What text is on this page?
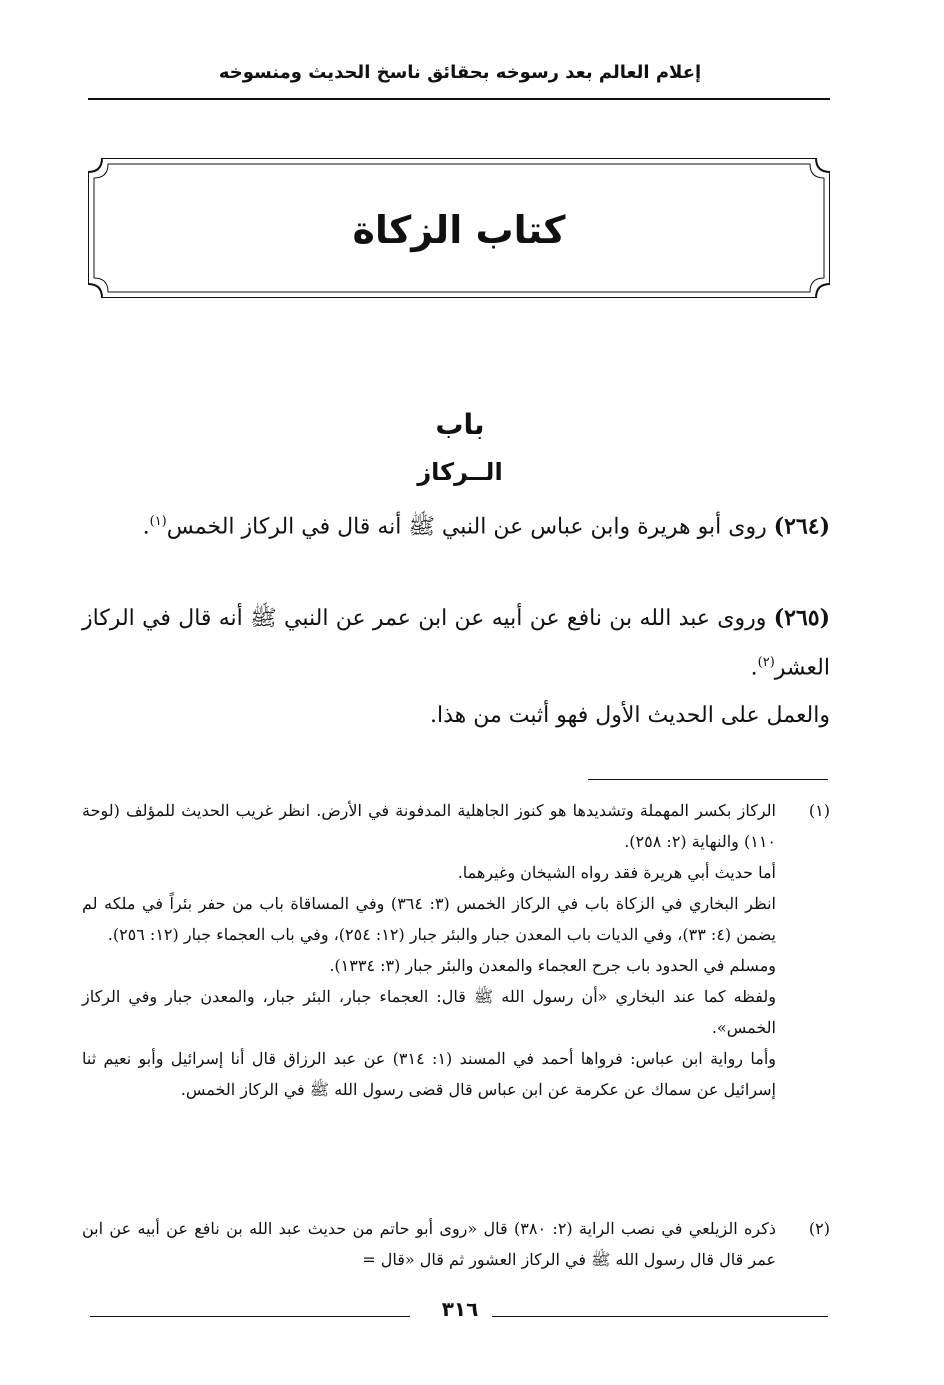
إعلام العالم بعد رسوخه بحقائق ناسخ الحديث ومنسوخه
كتاب الزكاة
باب
الــركاز
(٢٦٤) روى أبو هريرة وابن عباس عن النبي ﷺ أنه قال في الركاز الخمس$^{(١)}$.
(٢٦٥) وروى عبد الله بن نافع عن أبيه عن ابن عمر عن النبي ﷺ أنه قال في الركاز العشر$^{(٢)}$.
والعمل على الحديث الأول فهو أثبت من هذا.
(١)

الركاز بكسر المهملة وتشديدها هو كنوز الجاهلية المدفونة في الأرض. انظر غريب الحديث للمؤلف (لوحة ١١٠) والنهاية (٢: ٢٥٨).

أما حديث أبي هريرة فقد رواه الشيخان وغيرهما.

انظر البخاري في الزكاة باب في الركاز الخمس (٣: ٣٦٤) وفي المساقاة باب من حفر بئراً في ملكه لم يضمن (٤: ٣٣)، وفي الديات باب المعدن جبار والبئر جبار (١٢: ٢٥٤)، وفي باب العجماء جبار (١٢: ٢٥٦).

ومسلم في الحدود باب جرح العجماء والمعدن والبئر جبار (٣: ١٣٣٤).

ولفظه كما عند البخاري «أن رسول الله ﷺ قال: العجماء جبار، البئر جبار، والمعدن جبار وفي الركاز الخمس».

وأما رواية ابن عباس: فرواها أحمد في المسند (١: ٣١٤) عن عبد الرزاق قال أنا إسرائيل وأبو نعيم ثنا إسرائيل عن سماك عن عكرمة عن ابن عباس قال قضى رسول الله ﷺ في الركاز الخمس.

(٢)

ذكره الزيلعي في نصب الراية (٢: ٣٨٠) قال «روى أبو حاتم من حديث عبد الله بن نافع عن أبيه عن ابن عمر قال قال رسول الله ﷺ في الركاز العشور ثم قال «قال =

٣١٦
